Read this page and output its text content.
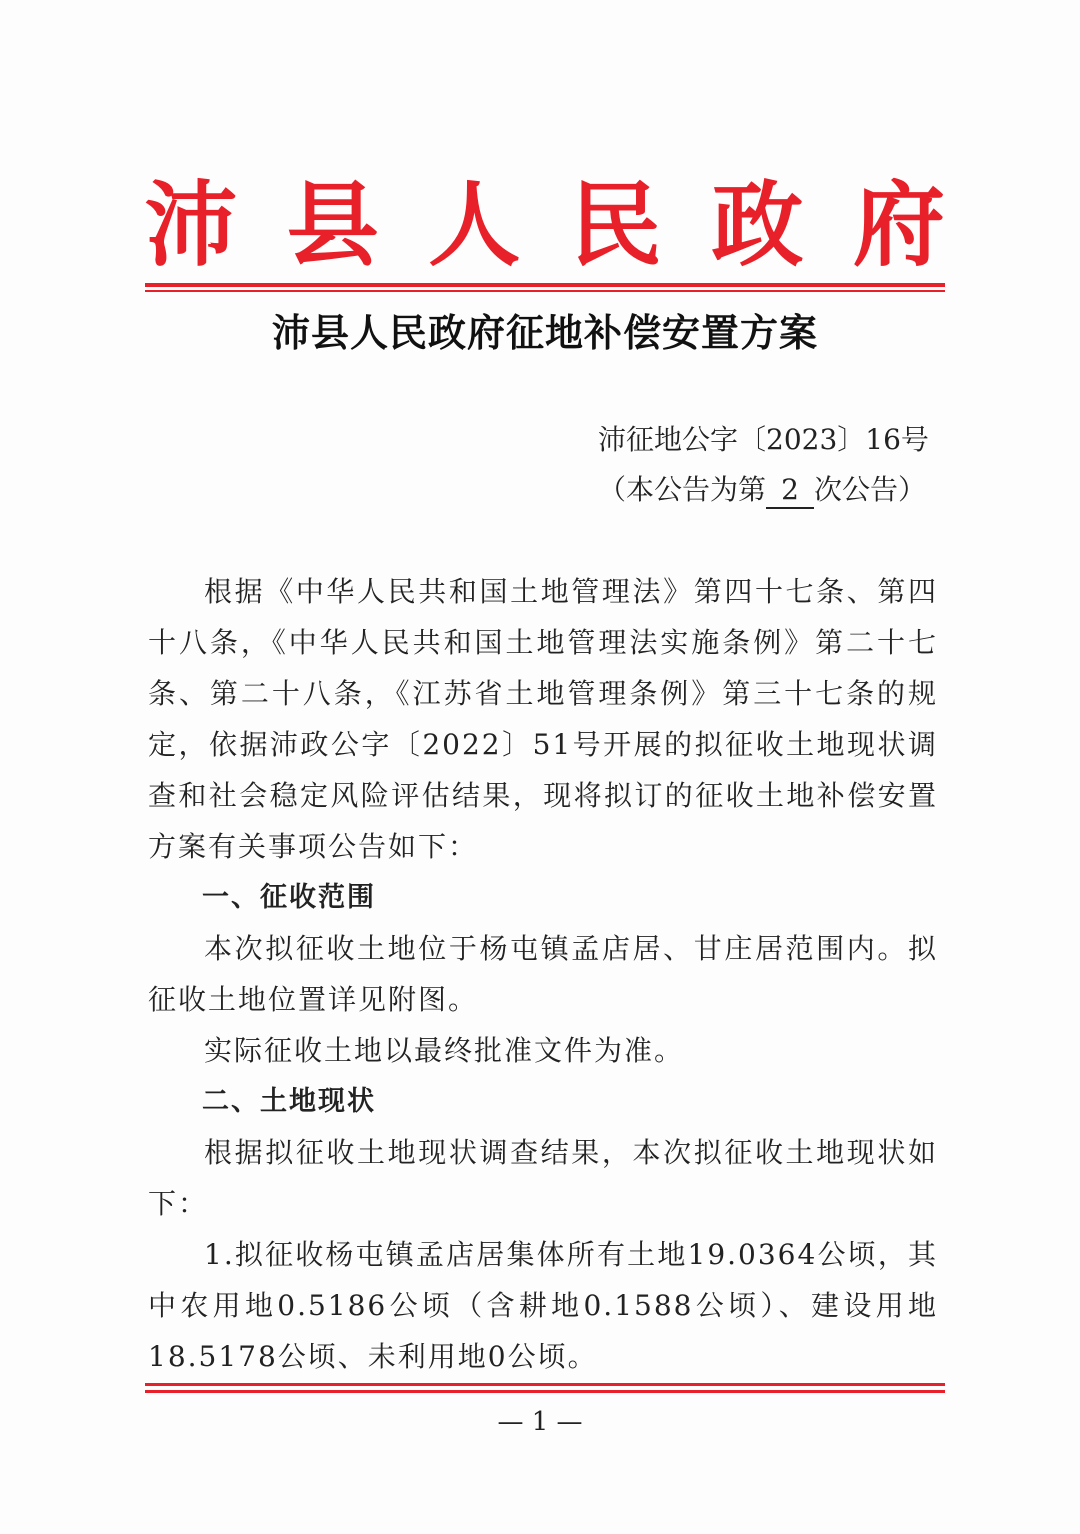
沛 县 人 民 政 府
沛县人民政府征地补偿安置方案
沛征地公字〔2023〕16号
（本公告为第 2 次公告）

根据《中华人民共和国土地管理法》第四十七条、第四十八条，《中华人民共和国土地管理法实施条例》第二十七条、第二十八条，《江苏省土地管理条例》第三十七条的规定，依据沛政公字〔2022〕51号开展的拟征收土地现状调查和社会稳定风险评估结果，现将拟订的征收土地补偿安置方案有关事项公告如下：

一、征收范围

本次拟征收土地位于杨屯镇孟店居、甘庄居范围内。拟征收土地位置详见附图。

实际征收土地以最终批准文件为准。

二、土地现状

根据拟征收土地现状调查结果，本次拟征收土地现状如下：

1.拟征收杨屯镇孟店居集体所有土地19.0364公顷，其中农用地0.5186公顷（含耕地0.1588公顷）、建设用地18.5178公顷、未利用地0公顷。

— 1 —
